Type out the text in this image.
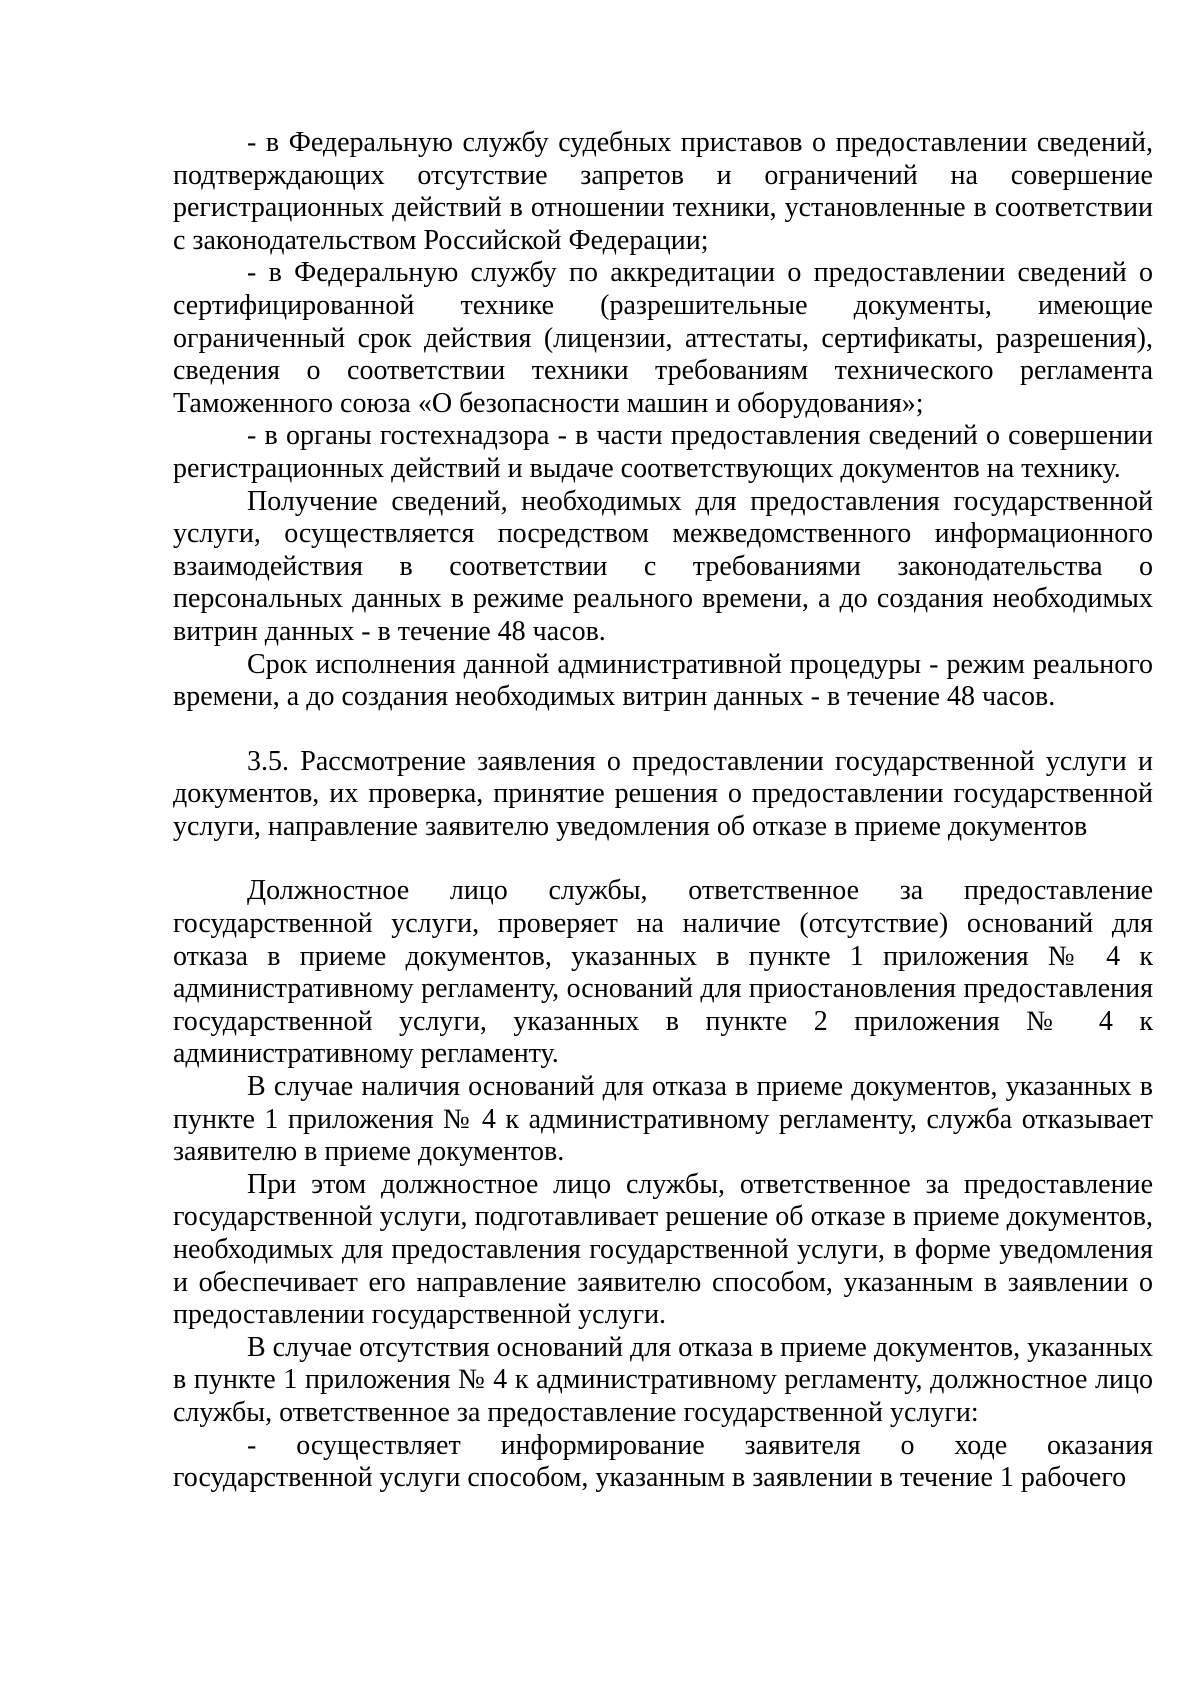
- в Федеральную службу судебных приставов о предоставлении сведений, подтверждающих отсутствие запретов и ограничений на совершение регистрационных действий в отношении техники, установленные в соответствии с законодательством Российской Федерации;

- в Федеральную службу по аккредитации о предоставлении сведений о сертифицированной технике (разрешительные документы, имеющие ограниченный срок действия (лицензии, аттестаты, сертификаты, разрешения), сведения о соответствии техники требованиям технического регламента Таможенного союза «О безопасности машин и оборудования»;

- в органы гостехнадзора - в части предоставления сведений о совершении регистрационных действий и выдаче соответствующих документов на технику.

Получение сведений, необходимых для предоставления государственной услуги, осуществляется посредством межведомственного информационного взаимодействия в соответствии с требованиями законодательства о персональных данных в режиме реального времени, а до создания необходимых витрин данных - в течение 48 часов.

Срок исполнения данной административной процедуры - режим реального времени, а до создания необходимых витрин данных - в течение 48 часов.

3.5. Рассмотрение заявления о предоставлении государственной услуги и документов, их проверка, принятие решения о предоставлении государственной услуги, направление заявителю уведомления об отказе в приеме документов

Должностное лицо службы, ответственное за предоставление государственной услуги, проверяет на наличие (отсутствие) оснований для отказа в приеме документов, указанных в пункте 1 приложения № 4 к административному регламенту, оснований для приостановления предоставления государственной услуги, указанных в пункте 2 приложения № 4 к административному регламенту.

В случае наличия оснований для отказа в приеме документов, указанных в пункте 1 приложения № 4 к административному регламенту, служба отказывает заявителю в приеме документов.

При этом должностное лицо службы, ответственное за предоставление государственной услуги, подготавливает решение об отказе в приеме документов, необходимых для предоставления государственной услуги, в форме уведомления и обеспечивает его направление заявителю способом, указанным в заявлении о предоставлении государственной услуги.

В случае отсутствия оснований для отказа в приеме документов, указанных в пункте 1 приложения № 4 к административному регламенту, должностное лицо службы, ответственное за предоставление государственной услуги:

- осуществляет информирование заявителя о ходе оказания государственной услуги способом, указанным в заявлении в течение 1 рабочего
